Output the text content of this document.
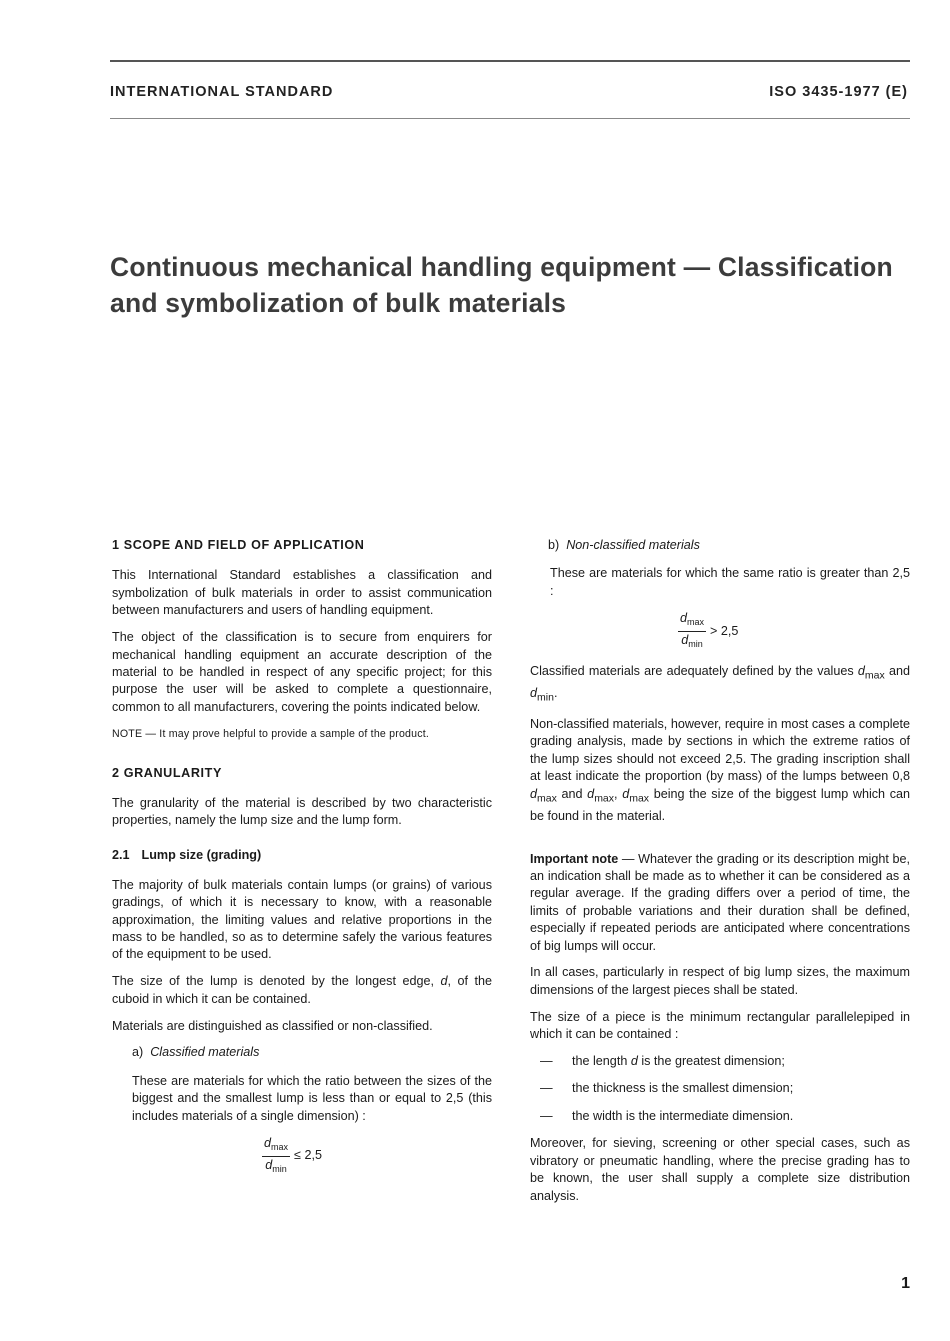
INTERNATIONAL STANDARD	ISO 3435-1977 (E)
Continuous mechanical handling equipment — Classification and symbolization of bulk materials
1 SCOPE AND FIELD OF APPLICATION

This International Standard establishes a classification and symbolization of bulk materials in order to assist communication between manufacturers and users of handling equipment.

The object of the classification is to secure from enquirers for mechanical handling equipment an accurate description of the material to be handled in respect of any specific project; for this purpose the user will be asked to complete a questionnaire, common to all manufacturers, covering the points indicated below.

NOTE — It may prove helpful to provide a sample of the product.

2 GRANULARITY

The granularity of the material is described by two characteristic properties, namely the lump size and the lump form.

2.1 Lump size (grading)

The majority of bulk materials contain lumps (or grains) of various gradings, of which it is necessary to know, with a reasonable approximation, the limiting values and relative proportions in the mass to be handled, so as to determine safely the various features of the equipment to be used.

The size of the lump is denoted by the longest edge, d, of the cuboid in which it can be contained.

Materials are distinguished as classified or non-classified.

a) Classified materials

These are materials for which the ratio between the sizes of the biggest and the smallest lump is less than or equal to 2,5 (this includes materials of a single dimension) :

$\frac{d_{max}}{d_{min}} \le 2,5$

b) Non-classified materials

These are materials for which the same ratio is greater than 2,5 :

$\frac{d_{max}}{d_{min}} > 2,5$

Classified materials are adequately defined by the values $d_{max}$ and $d_{min}$.

Non-classified materials, however, require in most cases a complete grading analysis, made by sections in which the extreme ratios of the lump sizes should not exceed 2,5. The grading inscription shall at least indicate the proportion (by mass) of the lumps between 0,8 $d_{max}$ and $d_{max}$, $d_{max}$ being the size of the biggest lump which can be found in the material.

Important note — Whatever the grading or its description might be, an indication shall be made as to whether it can be considered as a regular average. If the grading differs over a period of time, the limits of probable variations and their duration shall be defined, especially if repeated periods are anticipated where concentrations of big lumps will occur.

In all cases, particularly in respect of big lump sizes, the maximum dimensions of the largest pieces shall be stated.

The size of a piece is the minimum rectangular parallelepiped in which it can be contained :

—	the length d is the greatest dimension;

—	the thickness is the smallest dimension;

—	the width is the intermediate dimension.

Moreover, for sieving, screening or other special cases, such as vibratory or pneumatic handling, where the precise grading has to be known, the user shall supply a complete size distribution analysis.

1
